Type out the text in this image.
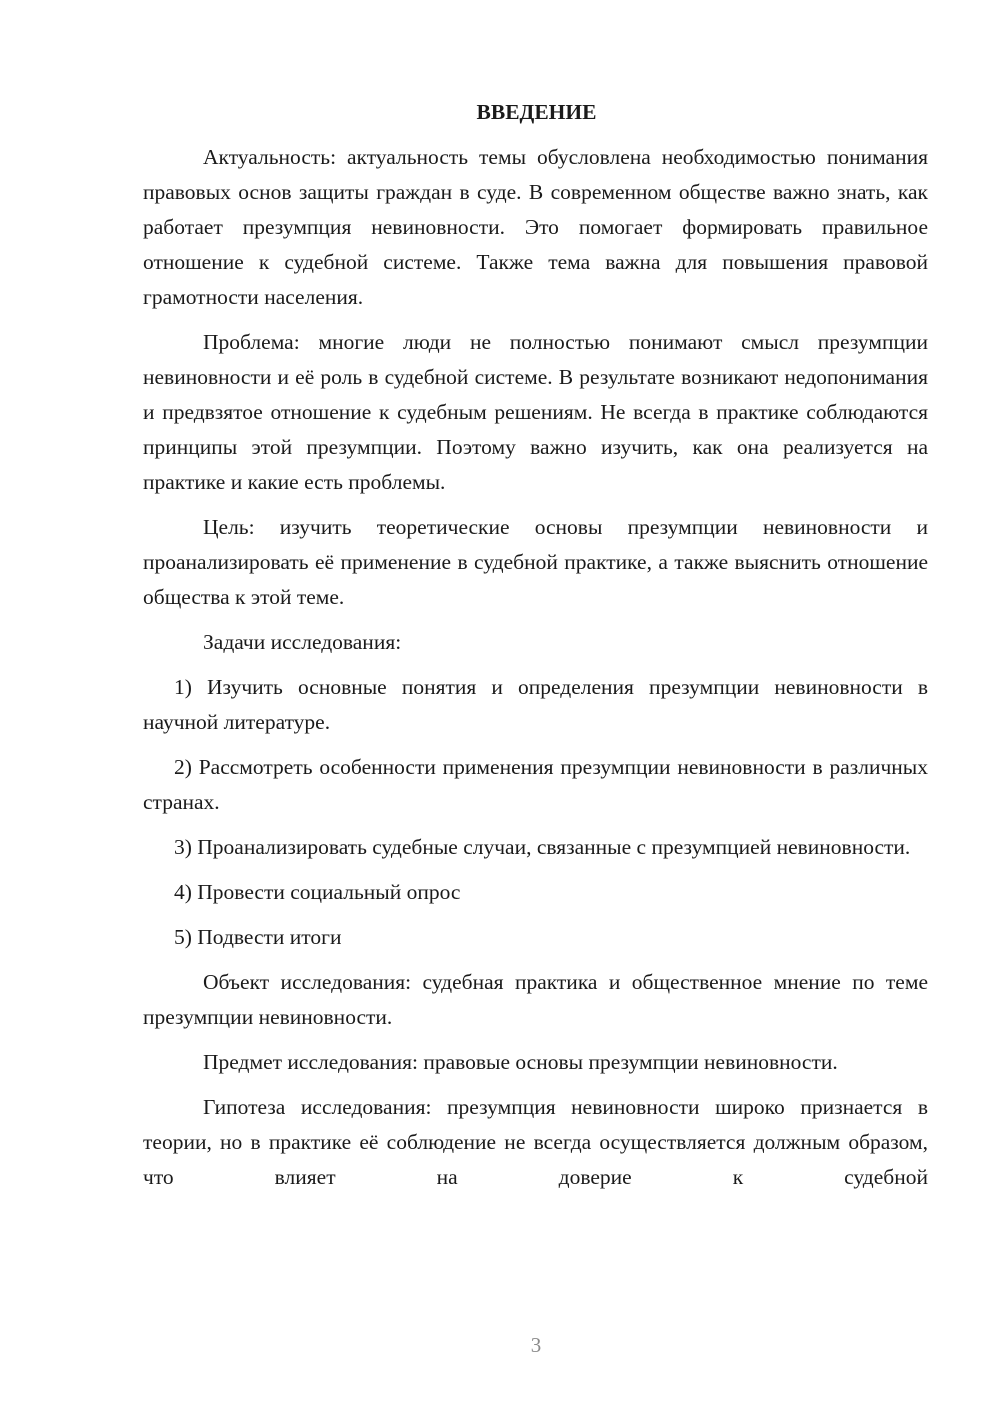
ВВЕДЕНИЕ

Актуальность: актуальность темы обусловлена необходимостью понимания правовых основ защиты граждан в суде. В современном обществе важно знать, как работает презумпция невиновности. Это помогает формировать правильное отношение к судебной системе. Также тема важна для повышения правовой грамотности населения.

Проблема: многие люди не полностью понимают смысл презумпции невиновности и её роль в судебной системе. В результате возникают недопонимания и предвзятое отношение к судебным решениям. Не всегда в практике соблюдаются принципы этой презумпции. Поэтому важно изучить, как она реализуется на практике и какие есть проблемы.

Цель: изучить теоретические основы презумпции невиновности и проанализировать её применение в судебной практике, а также выяснить отношение общества к этой теме.

Задачи исследования:

1) Изучить основные понятия и определения презумпции невиновности в научной литературе.

2) Рассмотреть особенности применения презумпции невиновности в различных странах.

3) Проанализировать судебные случаи, связанные с презумпцией невиновности.

4) Провести социальный опрос

5) Подвести итоги

Объект исследования: судебная практика и общественное мнение по теме презумпции невиновности.

Предмет исследования: правовые основы презумпции невиновности.

Гипотеза исследования: презумпция невиновности широко признается в теории, но в практике её соблюдение не всегда осуществляется должным образом, что влияет на доверие к судебной

3
